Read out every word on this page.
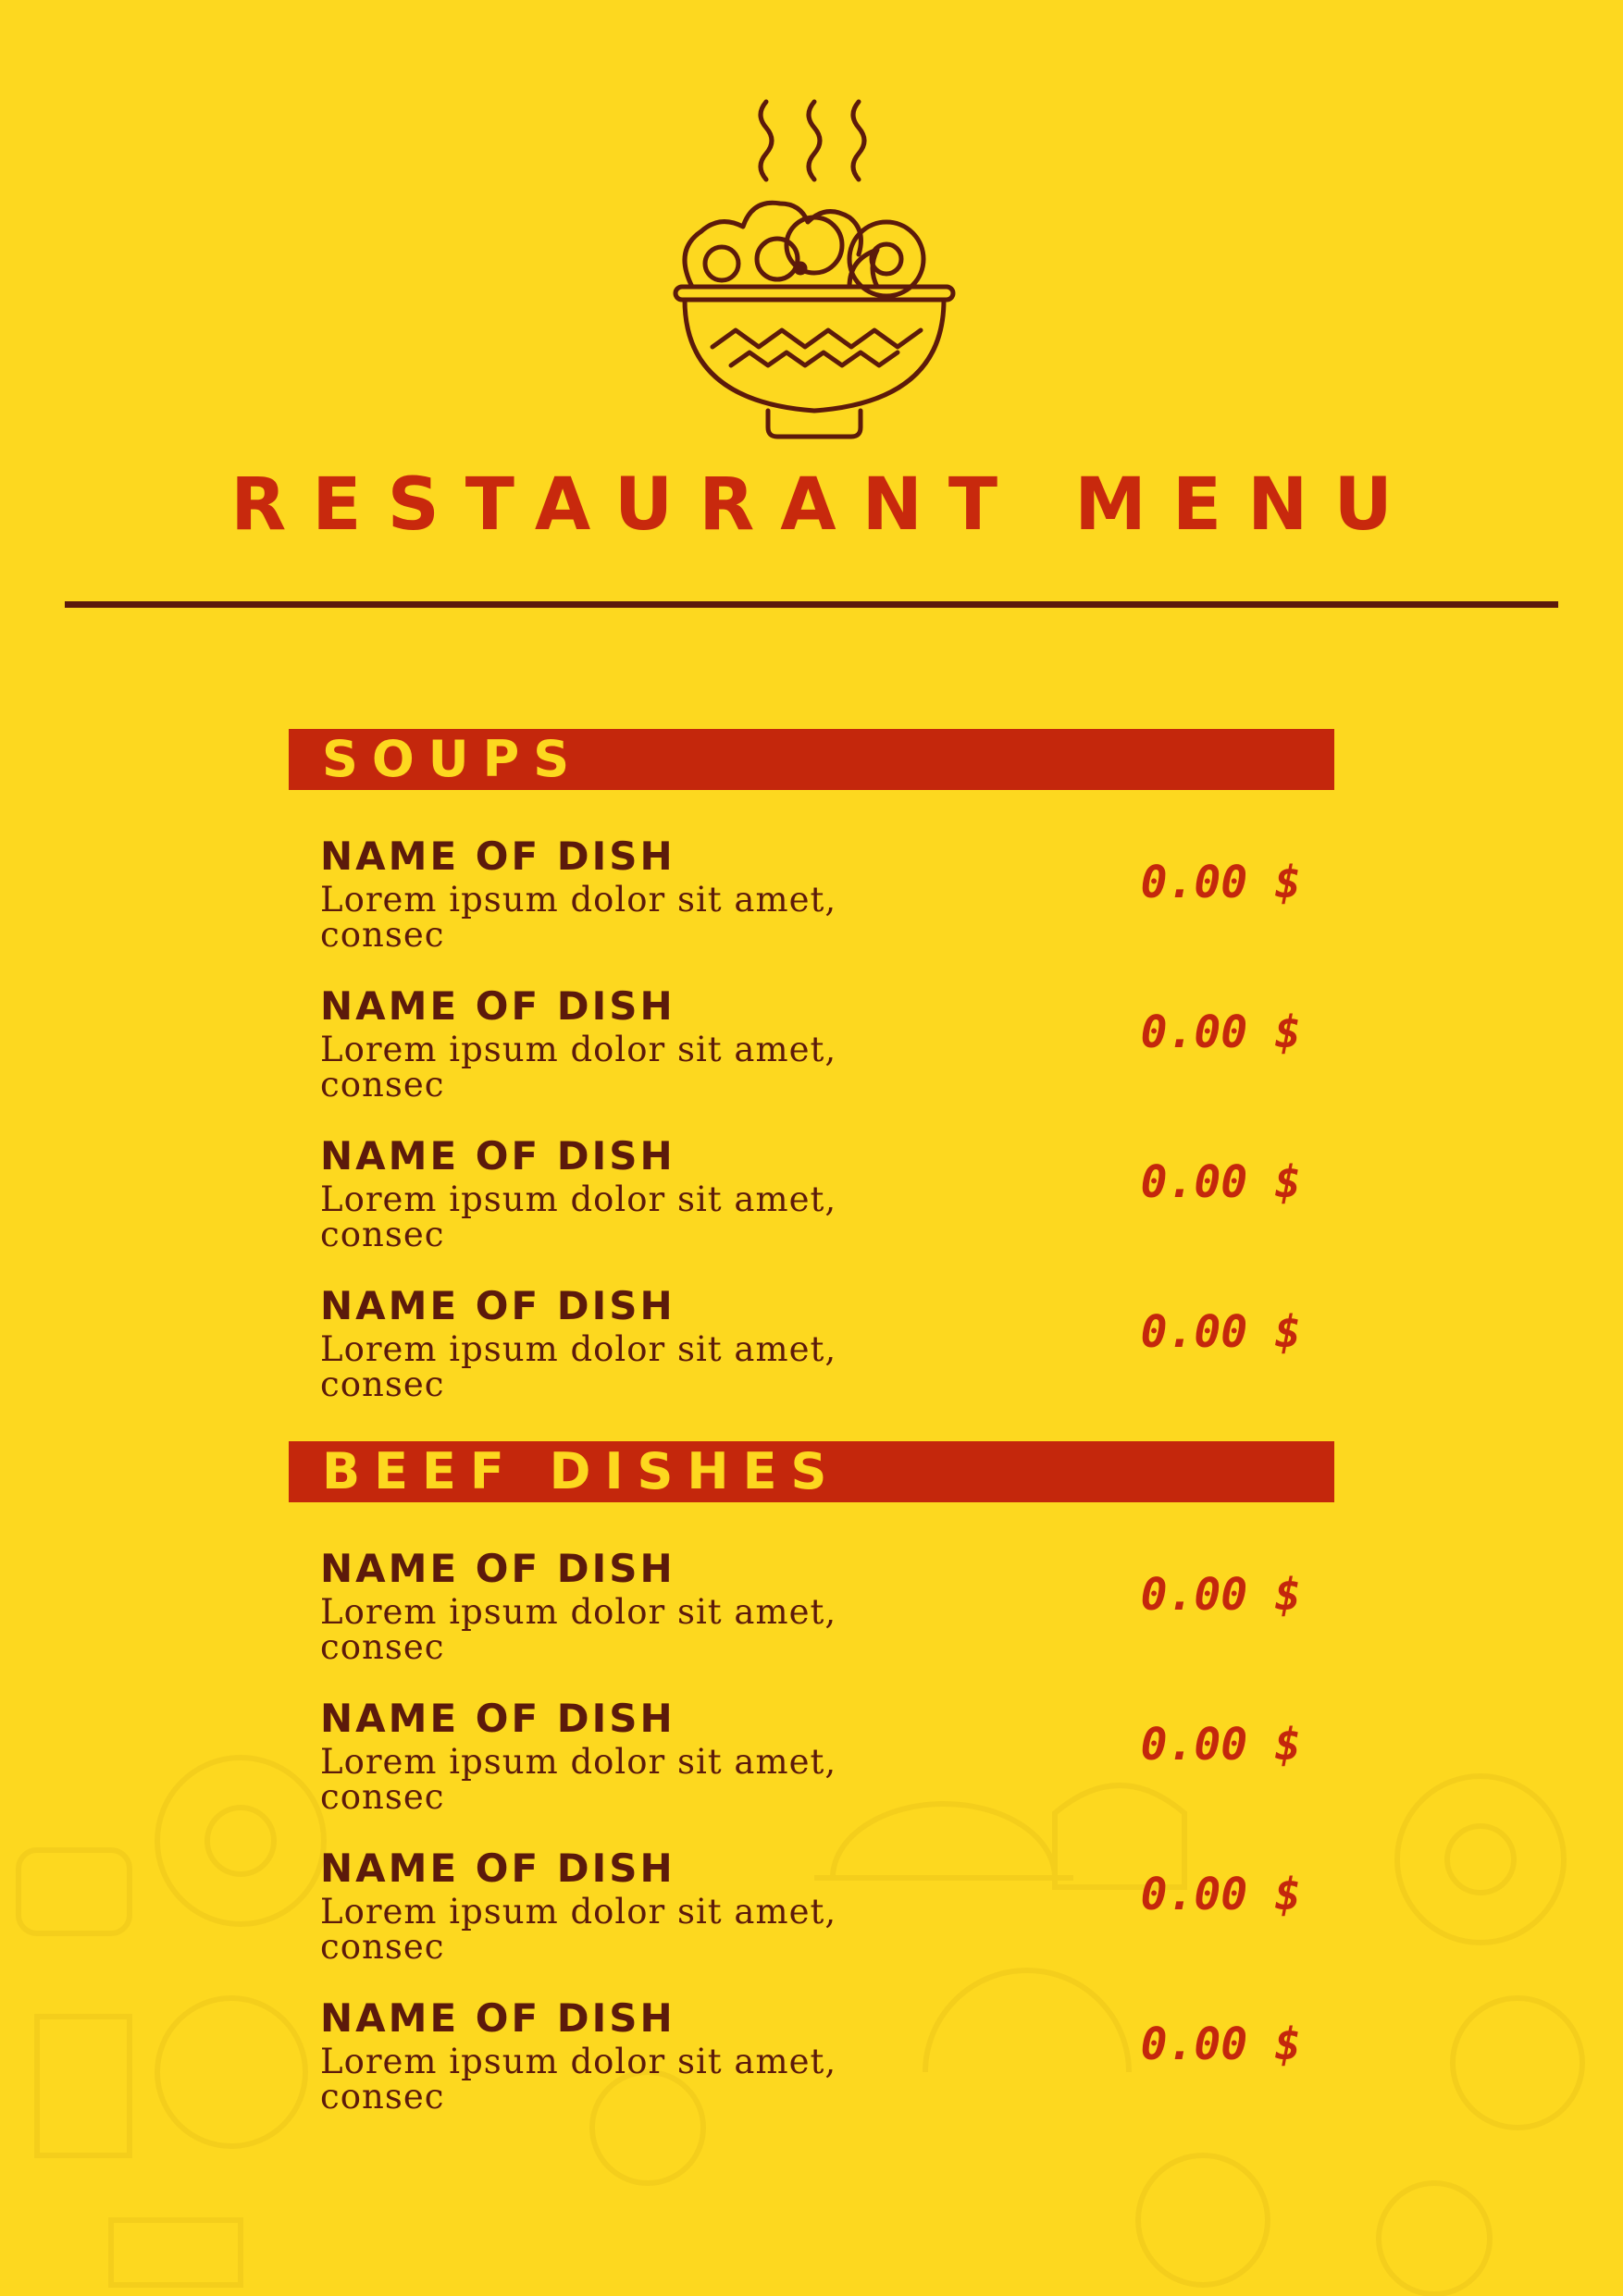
RESTAURANT MENU
SOUPS
NAME OF DISH
Lorem ipsum dolor sit amet, consec
0.00 $
NAME OF DISH
Lorem ipsum dolor sit amet, consec
0.00 $
NAME OF DISH
Lorem ipsum dolor sit amet, consec
0.00 $
NAME OF DISH
Lorem ipsum dolor sit amet, consec
0.00 $
BEEF DISHES
NAME OF DISH
Lorem ipsum dolor sit amet, consec
0.00 $
NAME OF DISH
Lorem ipsum dolor sit amet, consec
0.00 $
NAME OF DISH
Lorem ipsum dolor sit amet, consec
0.00 $
NAME OF DISH
Lorem ipsum dolor sit amet, consec
0.00 $
